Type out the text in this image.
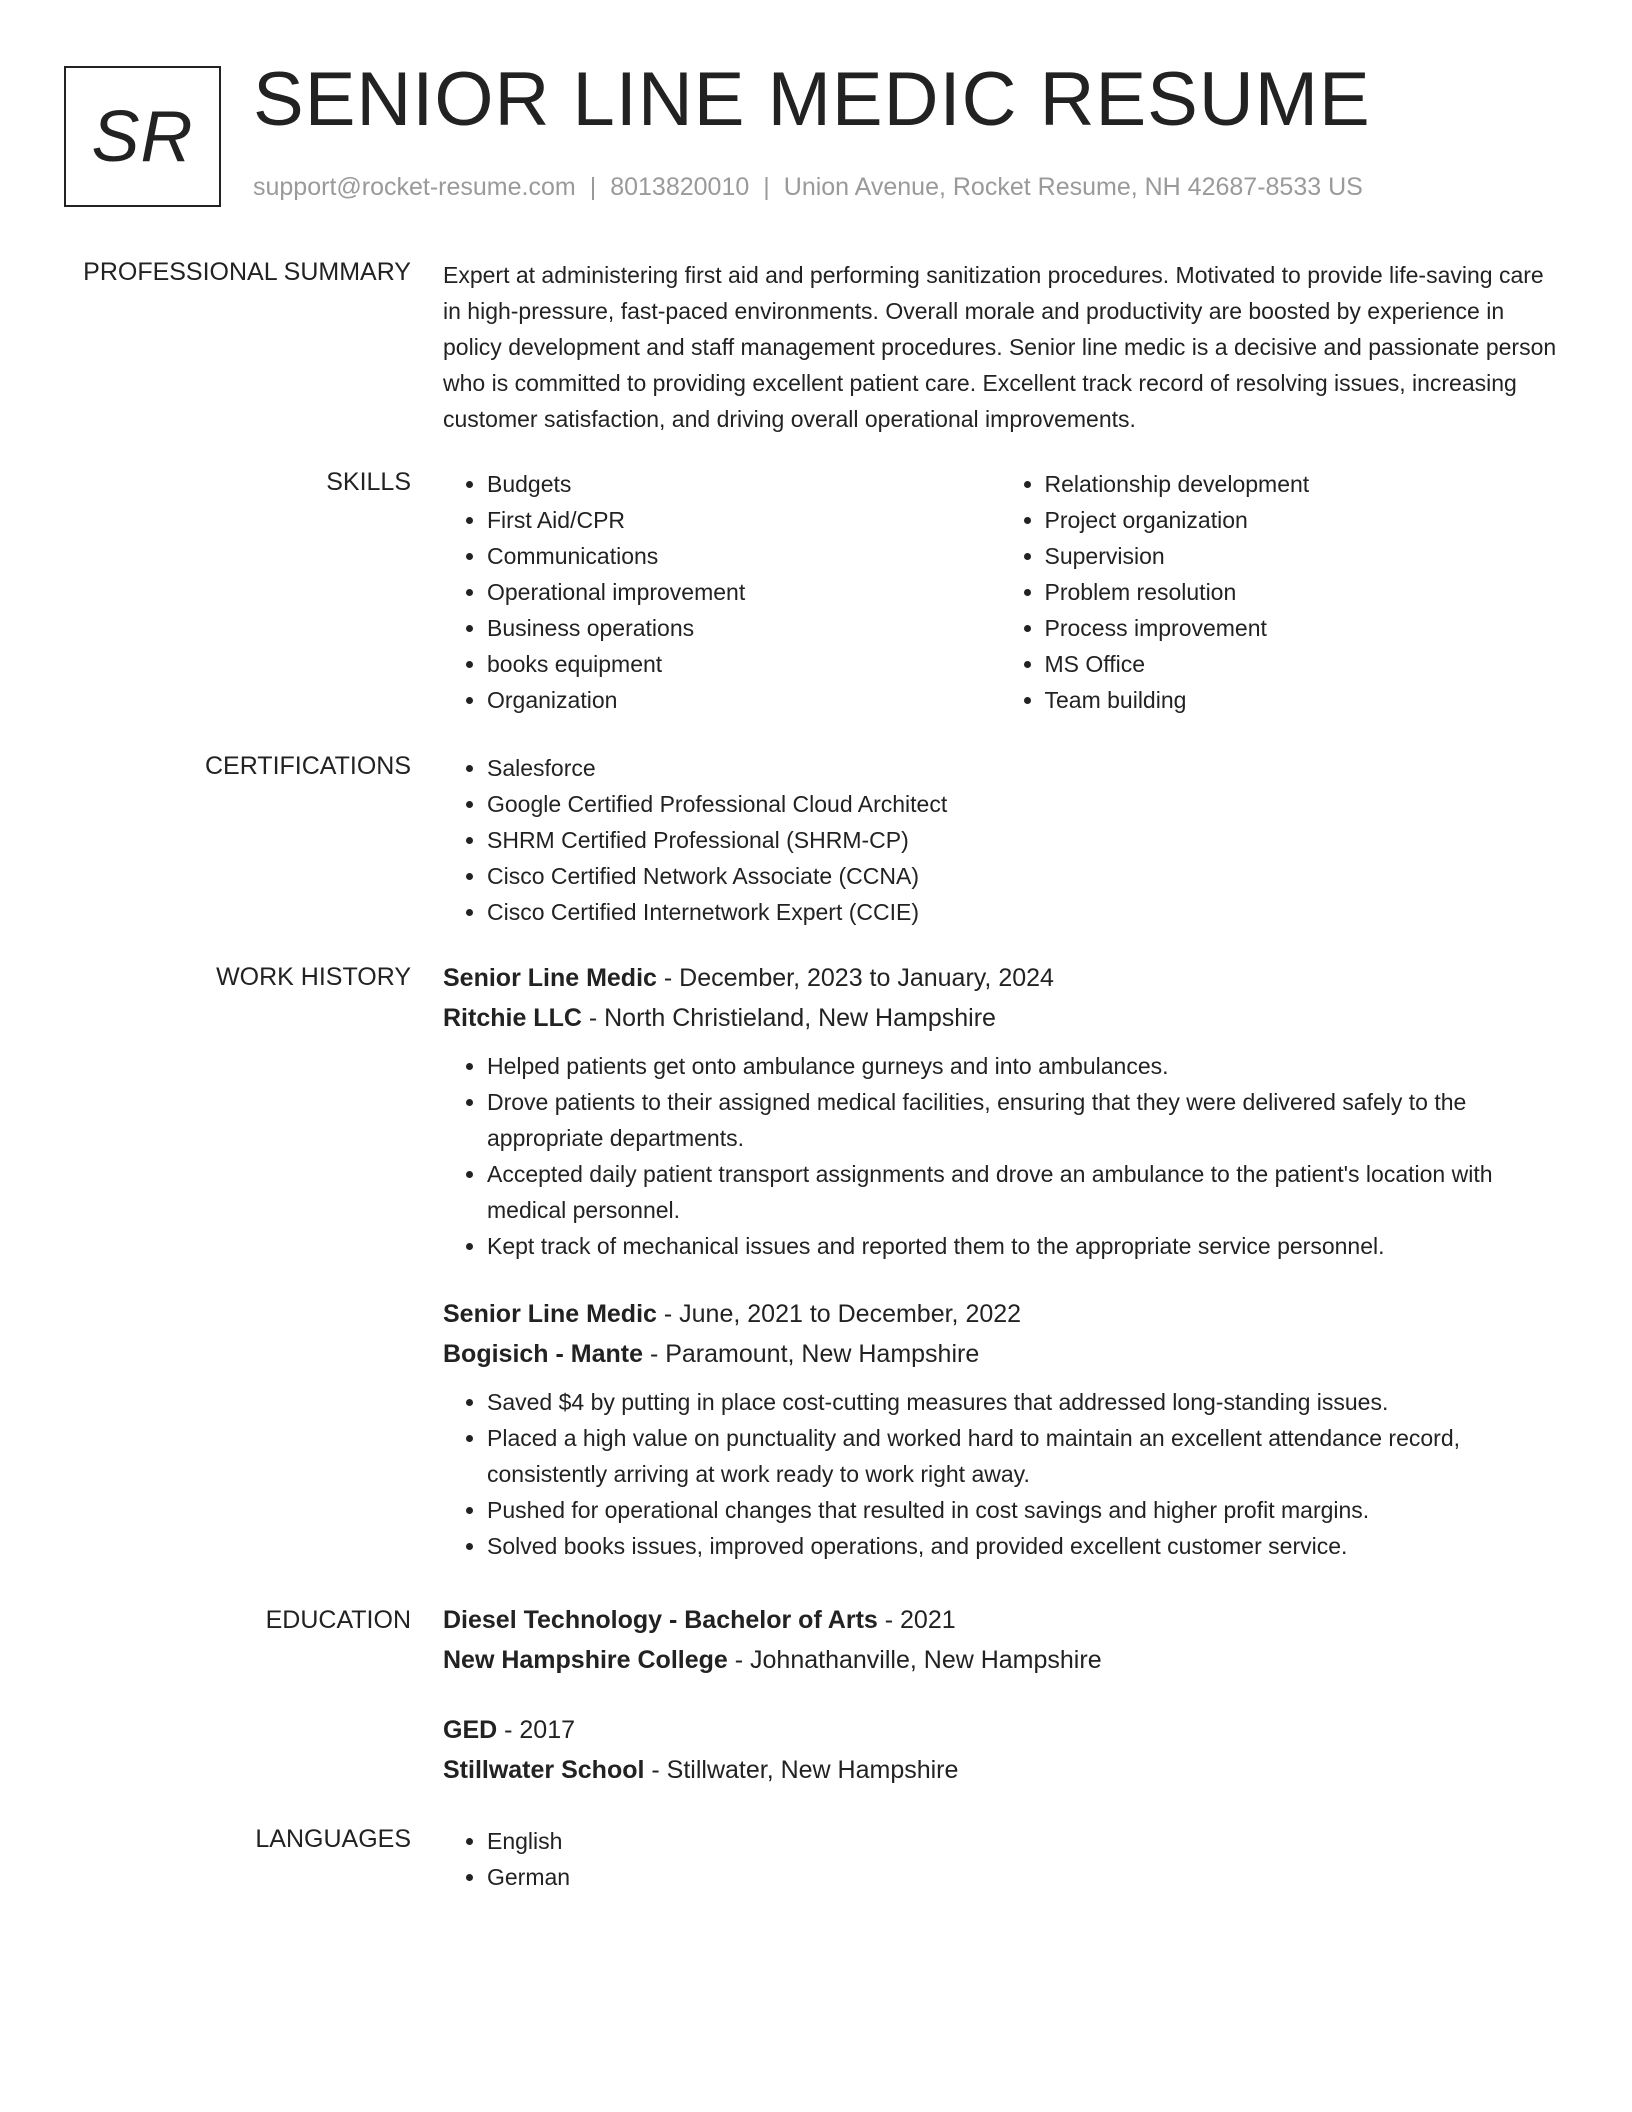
SR SENIOR LINE MEDIC RESUME
support@rocket-resume.com | 8013820010 | Union Avenue, Rocket Resume, NH 42687-8533 US
PROFESSIONAL SUMMARY Expert at administering first aid and performing sanitization procedures. Motivated to provide life-saving care in high-pressure, fast-paced environments. Overall morale and productivity are boosted by experience in policy development and staff management procedures. Senior line medic is a decisive and passionate person who is committed to providing excellent patient care. Excellent track record of resolving issues, increasing customer satisfaction, and driving overall operational improvements.

SKILLS	• Budgets
• First Aid/CPR
• Communications
• Operational improvement
• Business operations
• books equipment
• Organization
• Relationship development
• Project organization
• Supervision
• Problem resolution
• Process improvement
• MS Office
• Team building
CERTIFICATIONS	• Salesforce
• Google Certified Professional Cloud Architect
• SHRM Certified Professional (SHRM-CP)
• Cisco Certified Network Associate (CCNA)
• Cisco Certified Internetwork Expert (CCIE)
WORK HISTORY Senior Line Medic - December, 2023 to January, 2024
Ritchie LLC - North Christieland, New Hampshire
• Helped patients get onto ambulance gurneys and into ambulances.
• Drove patients to their assigned medical facilities, ensuring that they were delivered safely to the appropriate departments.
• Accepted daily patient transport assignments and drove an ambulance to the patient's location with medical personnel.
• Kept track of mechanical issues and reported them to the appropriate service personnel.
Senior Line Medic - June, 2021 to December, 2022
Bogisich - Mante - Paramount, New Hampshire
• Saved $4 by putting in place cost-cutting measures that addressed long-standing issues.
• Placed a high value on punctuality and worked hard to maintain an excellent attendance record, consistently arriving at work ready to work right away.
• Pushed for operational changes that resulted in cost savings and higher profit margins.
• Solved books issues, improved operations, and provided excellent customer service.
EDUCATION Diesel Technology - Bachelor of Arts - 2021
New Hampshire College - Johnathanville, New Hampshire
GED - 2017
Stillwater School - Stillwater, New Hampshire
LANGUAGES	• English
• German
